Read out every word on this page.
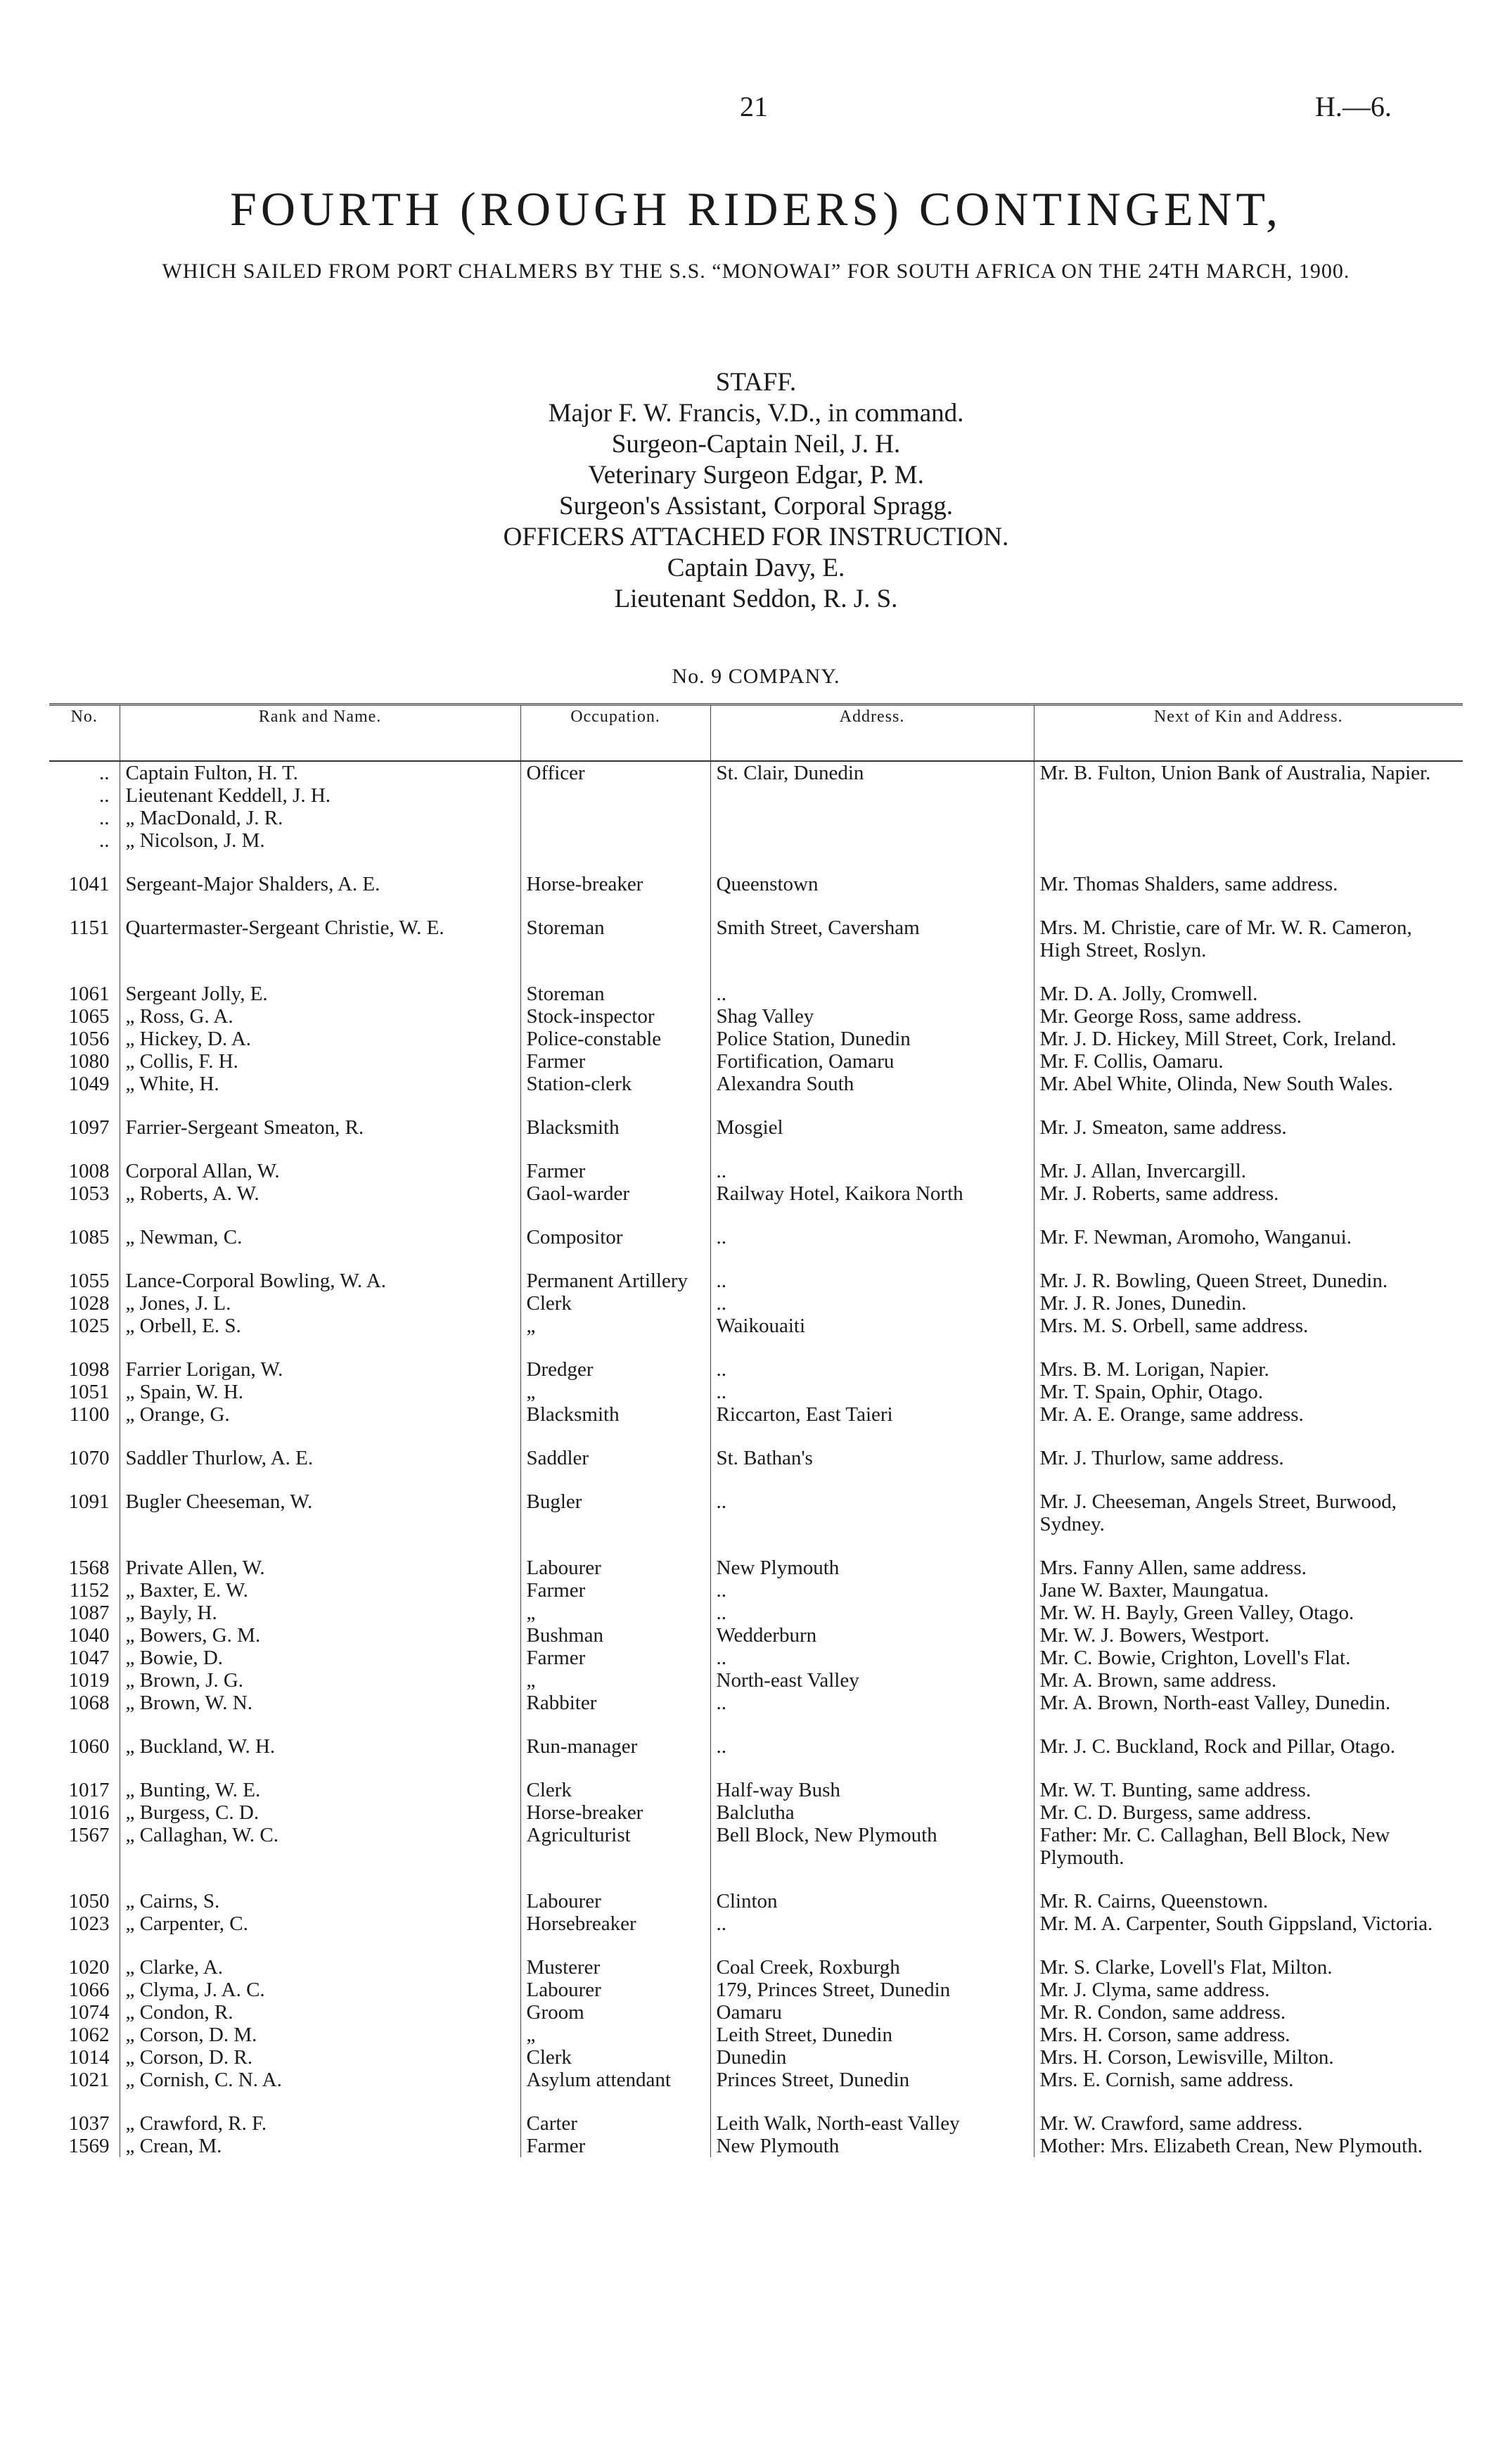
21	H.—6.
FOURTH (ROUGH RIDERS) CONTINGENT,
WHICH SAILED FROM PORT CHALMERS BY THE S.S. “MONOWAI” FOR SOUTH AFRICA ON THE 24TH MARCH, 1900.
STAFF.
Major F. W. Francis, V.D., in command.
Surgeon-Captain Neil, J. H.
Veterinary Surgeon Edgar, P. M.
Surgeon's Assistant, Corporal Spragg.
OFFICERS ATTACHED FOR INSTRUCTION.
Captain Davy, E.
Lieutenant Seddon, R. J. S.
No. 9 COMPANY.
No.	Rank and Name.	Occupation.	Address.	Next of Kin and Address.
..	Captain Fulton, H. T.	Officer	St. Clair, Dunedin	Mr. B. Fulton, Union Bank of Australia, Napier.
..	Lieutenant Keddell, J. H.			
..	„ MacDonald, J. R.			
..	„ Nicolson, J. M.			

1041	Sergeant-Major Shalders, A. E.	Horse-breaker	Queenstown	Mr. Thomas Shalders, same address.

1151	Quartermaster-Sergeant Christie, W. E.	Storeman	Smith Street, Caversham	Mrs. M. Christie, care of Mr. W. R. Cameron, High Street, Roslyn.

1061	Sergeant Jolly, E.	Storeman	..	Mr. D. A. Jolly, Cromwell.
1065	„ Ross, G. A.	Stock-inspector	Shag Valley	Mr. George Ross, same address.
1056	„ Hickey, D. A.	Police-constable	Police Station, Dunedin	Mr. J. D. Hickey, Mill Street, Cork, Ireland.
1080	„ Collis, F. H.	Farmer	Fortification, Oamaru	Mr. F. Collis, Oamaru.
1049	„ White, H.	Station-clerk	Alexandra South	Mr. Abel White, Olinda, New South Wales.

1097	Farrier-Sergeant Smeaton, R.	Blacksmith	Mosgiel	Mr. J. Smeaton, same address.

1008	Corporal Allan, W.	Farmer	..	Mr. J. Allan, Invercargill.
1053	„ Roberts, A. W.	Gaol-warder	Railway Hotel, Kaikora North	Mr. J. Roberts, same address.

1085	„ Newman, C.	Compositor	..	Mr. F. Newman, Aromoho, Wanganui.

1055	Lance-Corporal Bowling, W. A.	Permanent Artillery	..	Mr. J. R. Bowling, Queen Street, Dunedin.
1028	„ Jones, J. L.	Clerk	..	Mr. J. R. Jones, Dunedin.
1025	„ Orbell, E. S.	„	Waikouaiti	Mrs. M. S. Orbell, same address.

1098	Farrier Lorigan, W.	Dredger	..	Mrs. B. M. Lorigan, Napier.
1051	„ Spain, W. H.	„	..	Mr. T. Spain, Ophir, Otago.
1100	„ Orange, G.	Blacksmith	Riccarton, East Taieri	Mr. A. E. Orange, same address.

1070	Saddler Thurlow, A. E.	Saddler	St. Bathan's	Mr. J. Thurlow, same address.

1091	Bugler Cheeseman, W.	Bugler	..	Mr. J. Cheeseman, Angels Street, Burwood, Sydney.

1568	Private Allen, W.	Labourer	New Plymouth	Mrs. Fanny Allen, same address.
1152	„ Baxter, E. W.	Farmer	..	Jane W. Baxter, Maungatua.
1087	„ Bayly, H.	„	..	Mr. W. H. Bayly, Green Valley, Otago.
1040	„ Bowers, G. M.	Bushman	Wedderburn	Mr. W. J. Bowers, Westport.
1047	„ Bowie, D.	Farmer	..	Mr. C. Bowie, Crighton, Lovell's Flat.
1019	„ Brown, J. G.	„	North-east Valley	Mr. A. Brown, same address.
1068	„ Brown, W. N.	Rabbiter	..	Mr. A. Brown, North-east Valley, Dunedin.

1060	„ Buckland, W. H.	Run-manager	..	Mr. J. C. Buckland, Rock and Pillar, Otago.

1017	„ Bunting, W. E.	Clerk	Half-way Bush	Mr. W. T. Bunting, same address.
1016	„ Burgess, C. D.	Horse-breaker	Balclutha	Mr. C. D. Burgess, same address.
1567	„ Callaghan, W. C.	Agriculturist	Bell Block, New Plymouth	Father: Mr. C. Callaghan, Bell Block, New Plymouth.

1050	„ Cairns, S.	Labourer	Clinton	Mr. R. Cairns, Queenstown.
1023	„ Carpenter, C.	Horsebreaker	..	Mr. M. A. Carpenter, South Gippsland, Victoria.

1020	„ Clarke, A.	Musterer	Coal Creek, Roxburgh	Mr. S. Clarke, Lovell's Flat, Milton.
1066	„ Clyma, J. A. C.	Labourer	179, Princes Street, Dunedin	Mr. J. Clyma, same address.
1074	„ Condon, R.	Groom	Oamaru	Mr. R. Condon, same address.
1062	„ Corson, D. M.	„	Leith Street, Dunedin	Mrs. H. Corson, same address.
1014	„ Corson, D. R.	Clerk	Dunedin	Mrs. H. Corson, Lewisville, Milton.
1021	„ Cornish, C. N. A.	Asylum attendant	Princes Street, Dunedin	Mrs. E. Cornish, same address.

1037	„ Crawford, R. F.	Carter	Leith Walk, North-east Valley	Mr. W. Crawford, same address.
1569	„ Crean, M.	Farmer	New Plymouth	Mother: Mrs. Elizabeth Crean, New Plymouth.
